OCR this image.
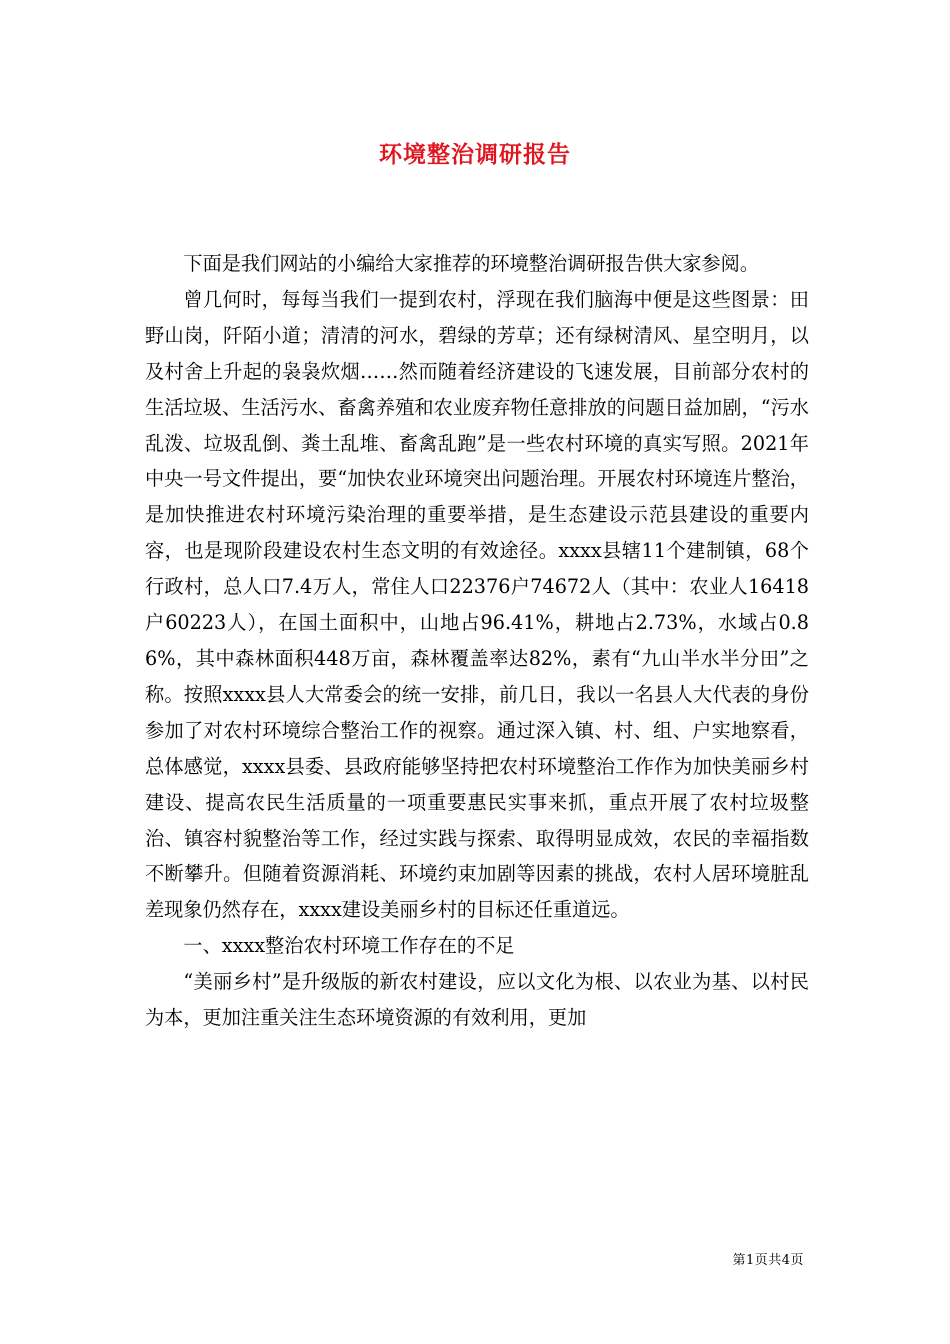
环境整治调研报告

下面是我们网站的小编给大家推荐的环境整治调研报告供大家参阅。

曾几何时，每每当我们一提到农村，浮现在我们脑海中便是这些图景：田野山岗，阡陌小道；清清的河水，碧绿的芳草；还有绿树清风、星空明月，以及村舍上升起的袅袅炊烟……然而随着经济建设的飞速发展，目前部分农村的生活垃圾、生活污水、畜禽养殖和农业废弃物任意排放的问题日益加剧，“污水乱泼、垃圾乱倒、粪土乱堆、畜禽乱跑”是一些农村环境的真实写照。2021年中央一号文件提出，要“加快农业环境突出问题治理。开展农村环境连片整治，是加快推进农村环境污染治理的重要举措，是生态建设示范县建设的重要内容，也是现阶段建设农村生态文明的有效途径。xxxx县辖11个建制镇，68个行政村，总人口7.4万人，常住人口22376户74672人（其中：农业人16418户60223人），在国土面积中，山地占96.41%，耕地占2.73%，水域占0.86%，其中森林面积448万亩，森林覆盖率达82%，素有“九山半水半分田”之称。按照xxxx县人大常委会的统一安排，前几日，我以一名县人大代表的身份参加了对农村环境综合整治工作的视察。通过深入镇、村、组、户实地察看，总体感觉，xxxx县委、县政府能够坚持把农村环境整治工作作为加快美丽乡村建设、提高农民生活质量的一项重要惠民实事来抓，重点开展了农村垃圾整治、镇容村貌整治等工作，经过实践与探索、取得明显成效，农民的幸福指数不断攀升。但随着资源消耗、环境约束加剧等因素的挑战，农村人居环境脏乱差现象仍然存在，xxxx建设美丽乡村的目标还任重道远。

一、xxxx整治农村环境工作存在的不足

“美丽乡村”是升级版的新农村建设，应以文化为根、以农业为基、以村民为本，更加注重关注生态环境资源的有效利用，更加

第1页共4页
